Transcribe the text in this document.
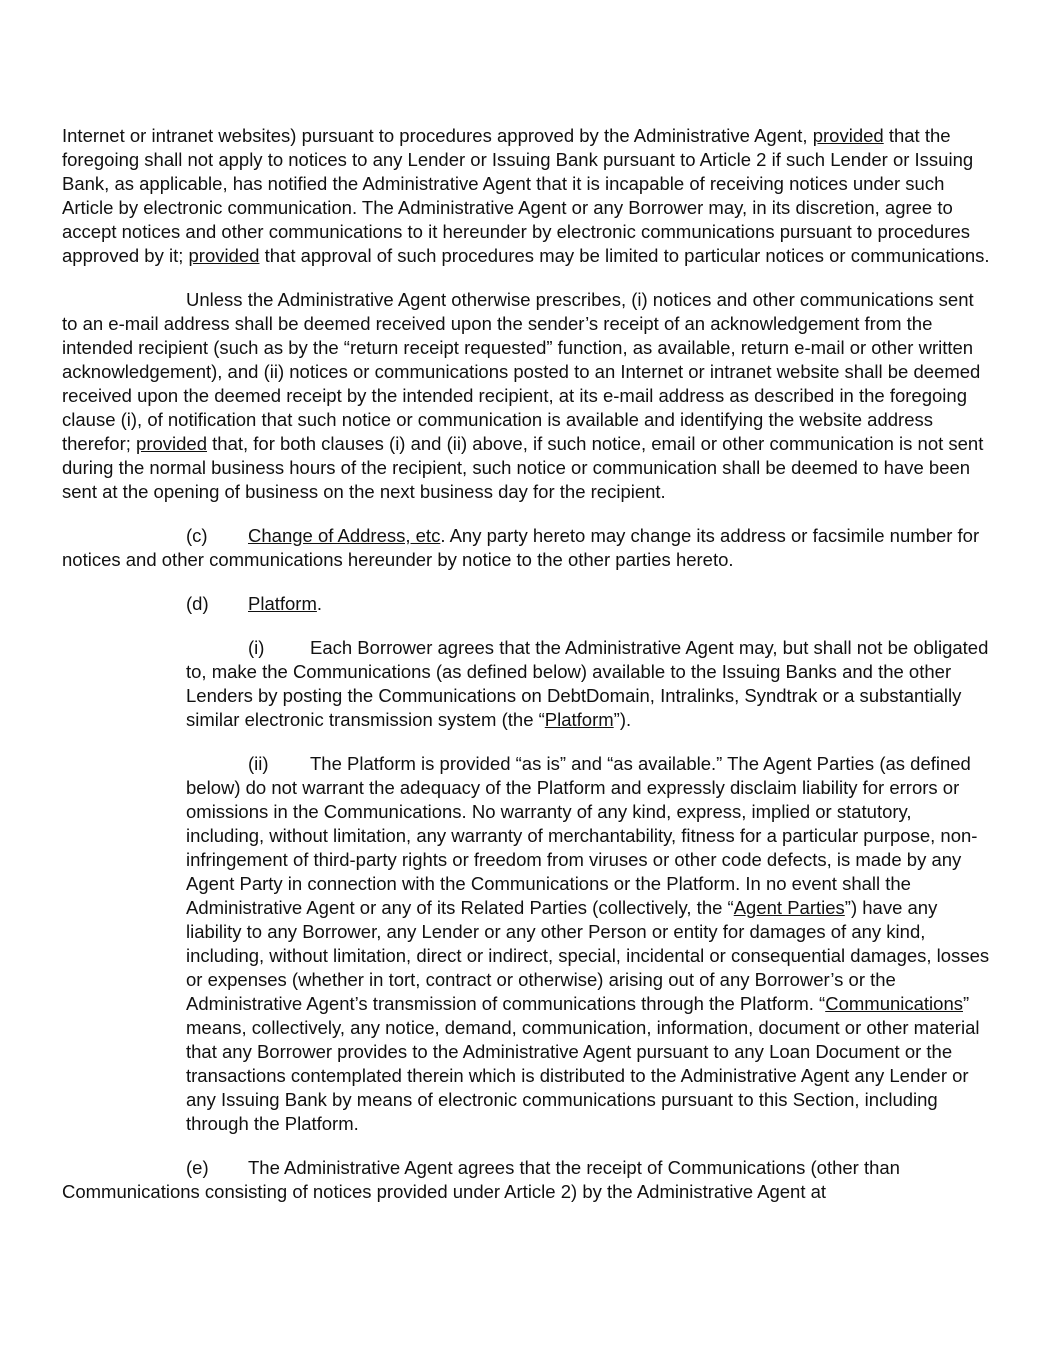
Internet or intranet websites) pursuant to procedures approved by the Administrative Agent, provided that the foregoing shall not apply to notices to any Lender or Issuing Bank pursuant to Article 2 if such Lender or Issuing Bank, as applicable, has notified the Administrative Agent that it is incapable of receiving notices under such Article by electronic communication. The Administrative Agent or any Borrower may, in its discretion, agree to accept notices and other communications to it hereunder by electronic communications pursuant to procedures approved by it; provided that approval of such procedures may be limited to particular notices or communications.

Unless the Administrative Agent otherwise prescribes, (i) notices and other communications sent to an e-mail address shall be deemed received upon the sender’s receipt of an acknowledgement from the intended recipient (such as by the “return receipt requested” function, as available, return e-mail or other written acknowledgement), and (ii) notices or communications posted to an Internet or intranet website shall be deemed received upon the deemed receipt by the intended recipient, at its e-mail address as described in the foregoing clause (i), of notification that such notice or communication is available and identifying the website address therefor; provided that, for both clauses (i) and (ii) above, if such notice, email or other communication is not sent during the normal business hours of the recipient, such notice or communication shall be deemed to have been sent at the opening of business on the next business day for the recipient.

(c) Change of Address, etc. Any party hereto may change its address or facsimile number for notices and other communications hereunder by notice to the other parties hereto.

(d) Platform.

(i) Each Borrower agrees that the Administrative Agent may, but shall not be obligated to, make the Communications (as defined below) available to the Issuing Banks and the other Lenders by posting the Communications on DebtDomain, Intralinks, Syndtrak or a substantially similar electronic transmission system (the “Platform”).

(ii) The Platform is provided “as is” and “as available.” The Agent Parties (as defined below) do not warrant the adequacy of the Platform and expressly disclaim liability for errors or omissions in the Communications. No warranty of any kind, express, implied or statutory, including, without limitation, any warranty of merchantability, fitness for a particular purpose, non-infringement of third-party rights or freedom from viruses or other code defects, is made by any Agent Party in connection with the Communications or the Platform. In no event shall the Administrative Agent or any of its Related Parties (collectively, the “Agent Parties”) have any liability to any Borrower, any Lender or any other Person or entity for damages of any kind, including, without limitation, direct or indirect, special, incidental or consequential damages, losses or expenses (whether in tort, contract or otherwise) arising out of any Borrower’s or the Administrative Agent’s transmission of communications through the Platform. “Communications” means, collectively, any notice, demand, communication, information, document or other material that any Borrower provides to the Administrative Agent pursuant to any Loan Document or the transactions contemplated therein which is distributed to the Administrative Agent any Lender or any Issuing Bank by means of electronic communications pursuant to this Section, including through the Platform.

(e) The Administrative Agent agrees that the receipt of Communications (other than Communications consisting of notices provided under Article 2) by the Administrative Agent at
